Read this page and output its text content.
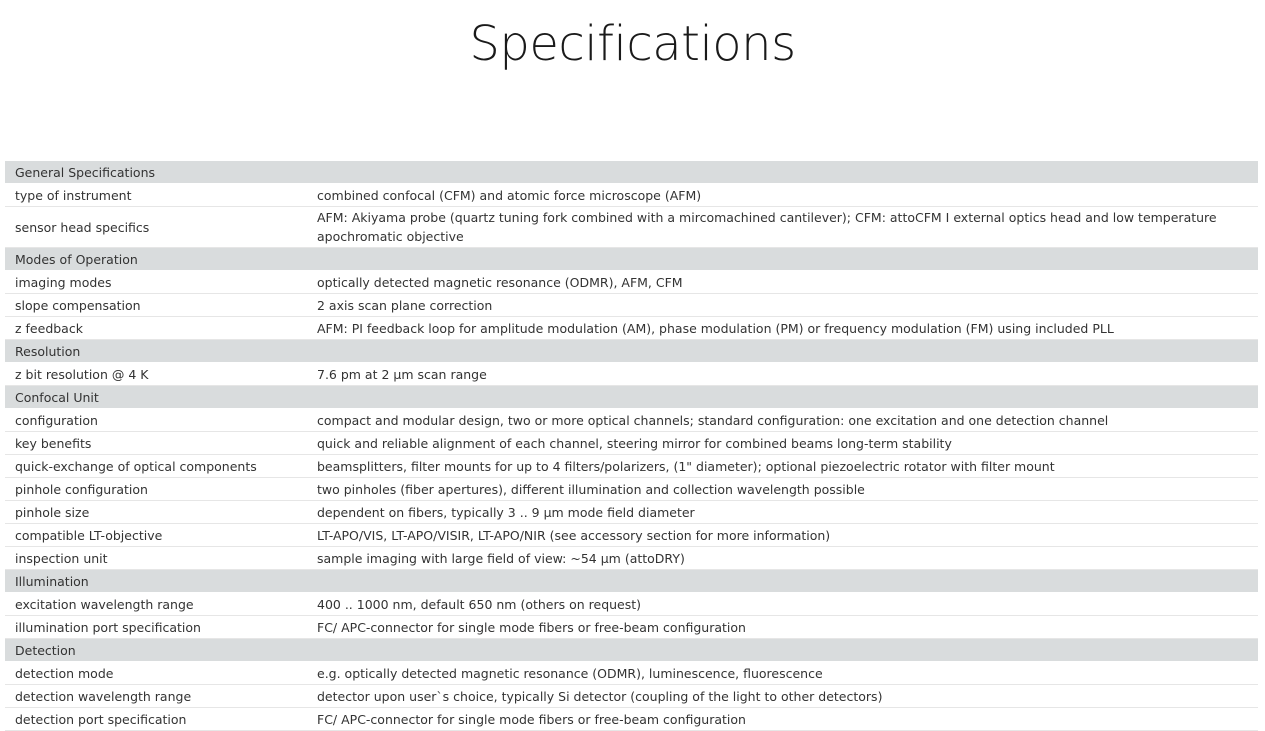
Specifications
General Specifications	
type of instrument	combined confocal (CFM) and atomic force microscope (AFM)
sensor head specifics	AFM: Akiyama probe (quartz tuning fork combined with a mircomachined cantilever); CFM: attoCFM I external optics head and low temperature apochromatic objective
Modes of Operation	
imaging modes	optically detected magnetic resonance (ODMR), AFM, CFM
slope compensation	2 axis scan plane correction
z feedback	AFM: PI feedback loop for amplitude modulation (AM), phase modulation (PM) or frequency modulation (FM) using included PLL
Resolution	
z bit resolution @ 4 K	7.6 pm at 2 µm scan range
Confocal Unit	
configuration	compact and modular design, two or more optical channels; standard configuration: one excitation and one detection channel
key benefits	quick and reliable alignment of each channel, steering mirror for combined beams long-term stability
quick-exchange of optical components	beamsplitters, filter mounts for up to 4 filters/polarizers, (1" diameter); optional piezoelectric rotator with filter mount
pinhole configuration	two pinholes (fiber apertures), different illumination and collection wavelength possible
pinhole size	dependent on fibers, typically 3 .. 9 µm mode field diameter
compatible LT-objective	LT-APO/VIS, LT-APO/VISIR, LT-APO/NIR (see accessory section for more information)
inspection unit	sample imaging with large field of view: ~54 µm (attoDRY)
Illumination	
excitation wavelength range	400 .. 1000 nm, default 650 nm (others on request)
illumination port specification	FC/ APC-connector for single mode fibers or free-beam configuration
Detection	
detection mode	e.g. optically detected magnetic resonance (ODMR), luminescence, fluorescence
detection wavelength range	detector upon user`s choice, typically Si detector (coupling of the light to other detectors)
detection port specification	FC/ APC-connector for single mode fibers or free-beam configuration
